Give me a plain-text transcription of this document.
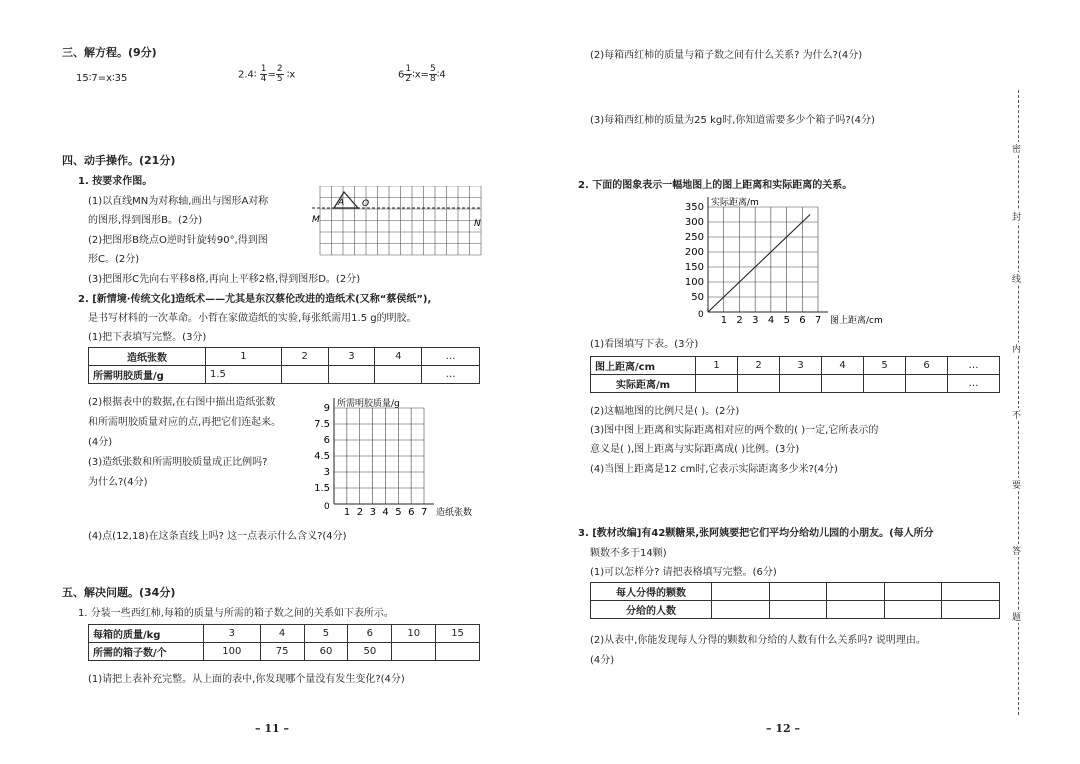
三、解方程。(9分)
15∶7=x∶35	2.4∶ $\frac{1}{4} = \frac{2}{5}$ ∶x	$6 \frac{1}{2}$ ∶x= $\frac{5}{8}$ ∶4
四、动手操作。(21分)
1. 按要求作图。
(1)以直线MN为对称轴,画出与图形A对称
的图形,得到图形B。(2分)
(2)把图形B绕点O逆时针旋转90°,得到图
形C。(2分)
(3)把图形C先向右平移8格,再向上平移2格,得到图形D。(2分)
M	N
A O
2. [新情境·传统文化]造纸术——尤其是东汉蔡伦改进的造纸术(又称“蔡侯纸”),
是书写材料的一次革命。小哲在家做造纸的实验,每张纸需用1.5 g的明胶。
(1)把下表填写完整。(3分)
造纸张数	1	2	3	4	…
所需明胶质量/g	1.5				…
(2)根据表中的数据,在右图中描出造纸张数
和所需明胶质量对应的点,再把它们连起来。
(4分)
(3)造纸张数和所需明胶质量成正比例吗?
为什么?(4分)
1 2 3 4 5 6 7
1.5
3
4.5
6
7.5
9 所需明胶质量/g
造纸张数
0
(4)点(12,18)在这条直线上吗? 这一点表示什么含义?(4分)
五、解决问题。(34分)
1. 分装一些西红柿,每箱的质量与所需的箱子数之间的关系如下表所示。
每箱的质量/kg	3	4	5	6	10	15
所需的箱子数/个	100	75	60	50		
(1)请把上表补充完整。从上面的表中,你发现哪个量没有发生变化?(4分)
– 11 –
(2)每箱西红柿的质量与箱子数之间有什么关系? 为什么?(4分)
(3)每箱西红柿的质量为25 kg时,你知道需要多少个箱子吗?(4分)
2. 下面的图象表示一幅地图上的图上距离和实际距离的关系。
1 2 3 4 5 6 7
50
100
150
200
250
300
350 实际距离/m
图上距离/cm
0
(1)看图填写下表。(3分)
图上距离/cm	1	2	3	4	5	6	…
实际距离/m							…
(2)这幅地图的比例尺是( )。(2分)
(3)图中图上距离和实际距离相对应的两个数的( )一定,它所表示的
意义是( ),图上距离与实际距离成( )比例。(3分)
(4)当图上距离是12 cm时,它表示实际距离多少米?(4分)
3. [教材改编]有42颗糖果,张阿姨要把它们平均分给幼儿园的小朋友。(每人所分
颗数不多于14颗)
(1)可以怎样分? 请把表格填写完整。(6分)
每人分得的颗数					
分给的人数					
(2)从表中,你能发现每人分得的颗数和分给的人数有什么关系吗? 说明理由。
(4分)
– 12 –
密
封
线
内
不
要
答
题
